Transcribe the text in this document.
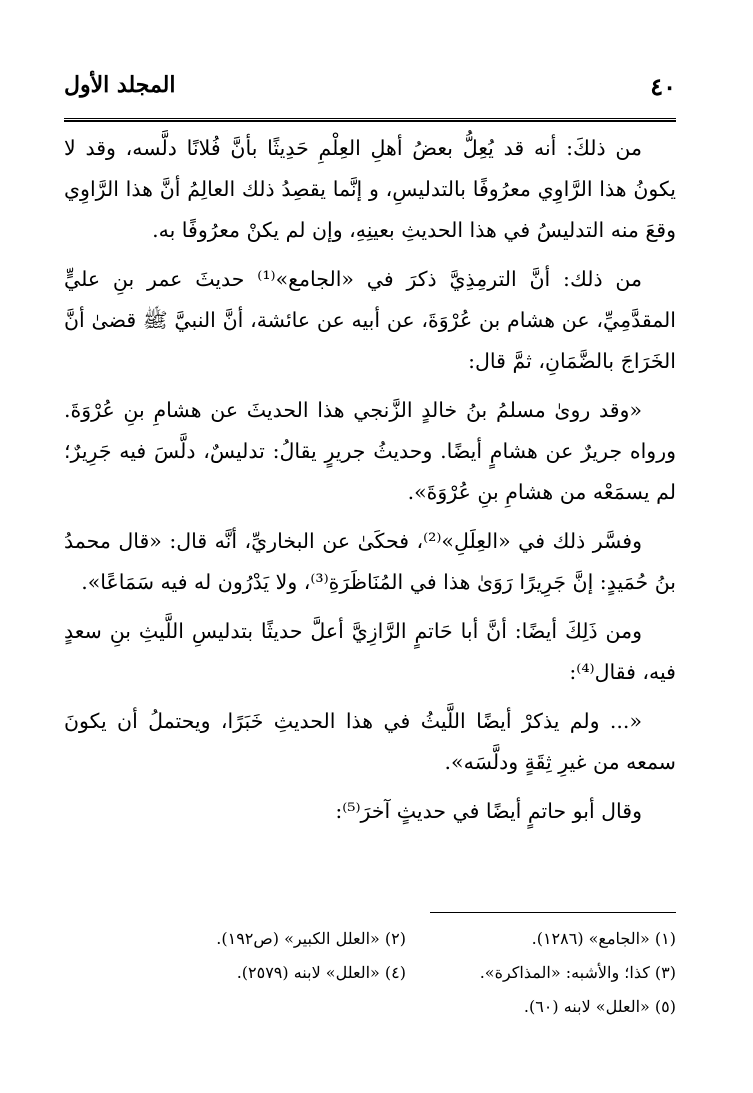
٤٠
المجلد الأول

من ذلكَ: أنه قد يُعِلُّ بعضُ أهلِ العِلْمِ حَدِيثًا بأنَّ فُلانًا دلَّسه، وقد لا يكونُ هذا الرَّاوِي معرُوفًا بالتدليسِ، و إنَّما يقصِدُ ذلك العالِمُ أنَّ هذا الرَّاوِي وقعَ منه التدليسُ في هذا الحديثِ بعينِهِ، وإن لم يكنْ معرُوفًا به.

من ذلك: أنَّ الترمِذِيَّ ذكرَ في «الجامع»⁽¹⁾ حديثَ عمر بنِ عليٍّ المقدَّمِيِّ، عن هشام بن عُرْوَةَ، عن أبيه عن عائشة، أنَّ النبيَّ ﷺ قضىٰ أنَّ الخَرَاجَ بالضَّمَانِ، ثمَّ قال:

«وقد روىٰ مسلمُ بنُ خالدٍ الزَّنجي هذا الحديثَ عن هشامِ بنِ عُرْوَةَ. ورواه جريرٌ عن هشامٍ أيضًا. وحديثُ جريرٍ يقالُ: تدليسٌ، دلَّسَ فيه جَرِيرٌ؛ لم يسمَعْه من هشامِ بنِ عُرْوَةَ».

وفسَّر ذلك في «العِلَلِ»⁽²⁾، فحكَىٰ عن البخاريِّ، أنَّه قال: «قال محمدُ بنُ حُمَيدٍ: إنَّ جَرِيرًا رَوَىٰ هذا في المُنَاظَرَةِ⁽³⁾، ولا يَدْرُون له فيه سَمَاعًا».

ومن ذَلِكَ أيضًا: أنَّ أبا حَاتمٍ الرَّازِيَّ أعلَّ حديثًا بتدليسِ اللَّيثِ بنِ سعدٍ فيه، فقال⁽⁴⁾:

«... ولم يذكرْ أيضًا اللَّيثُ في هذا الحديثِ خَبَرًا، ويحتملُ أن يكونَ سمعه من غيرِ ثِقَةٍ ودلَّسَه».

وقال أبو حاتمٍ أيضًا في حديثٍ آخرَ⁽⁵⁾:

(١) «الجامع» (١٢٨٦).
(٢) «العلل الكبير» (ص١٩٢).
(٣) كذا؛ والأشبه: «المذاكرة».
(٤) «العلل» لابنه (٢٥٧٩).
(٥) «العلل» لابنه (٦٠).
